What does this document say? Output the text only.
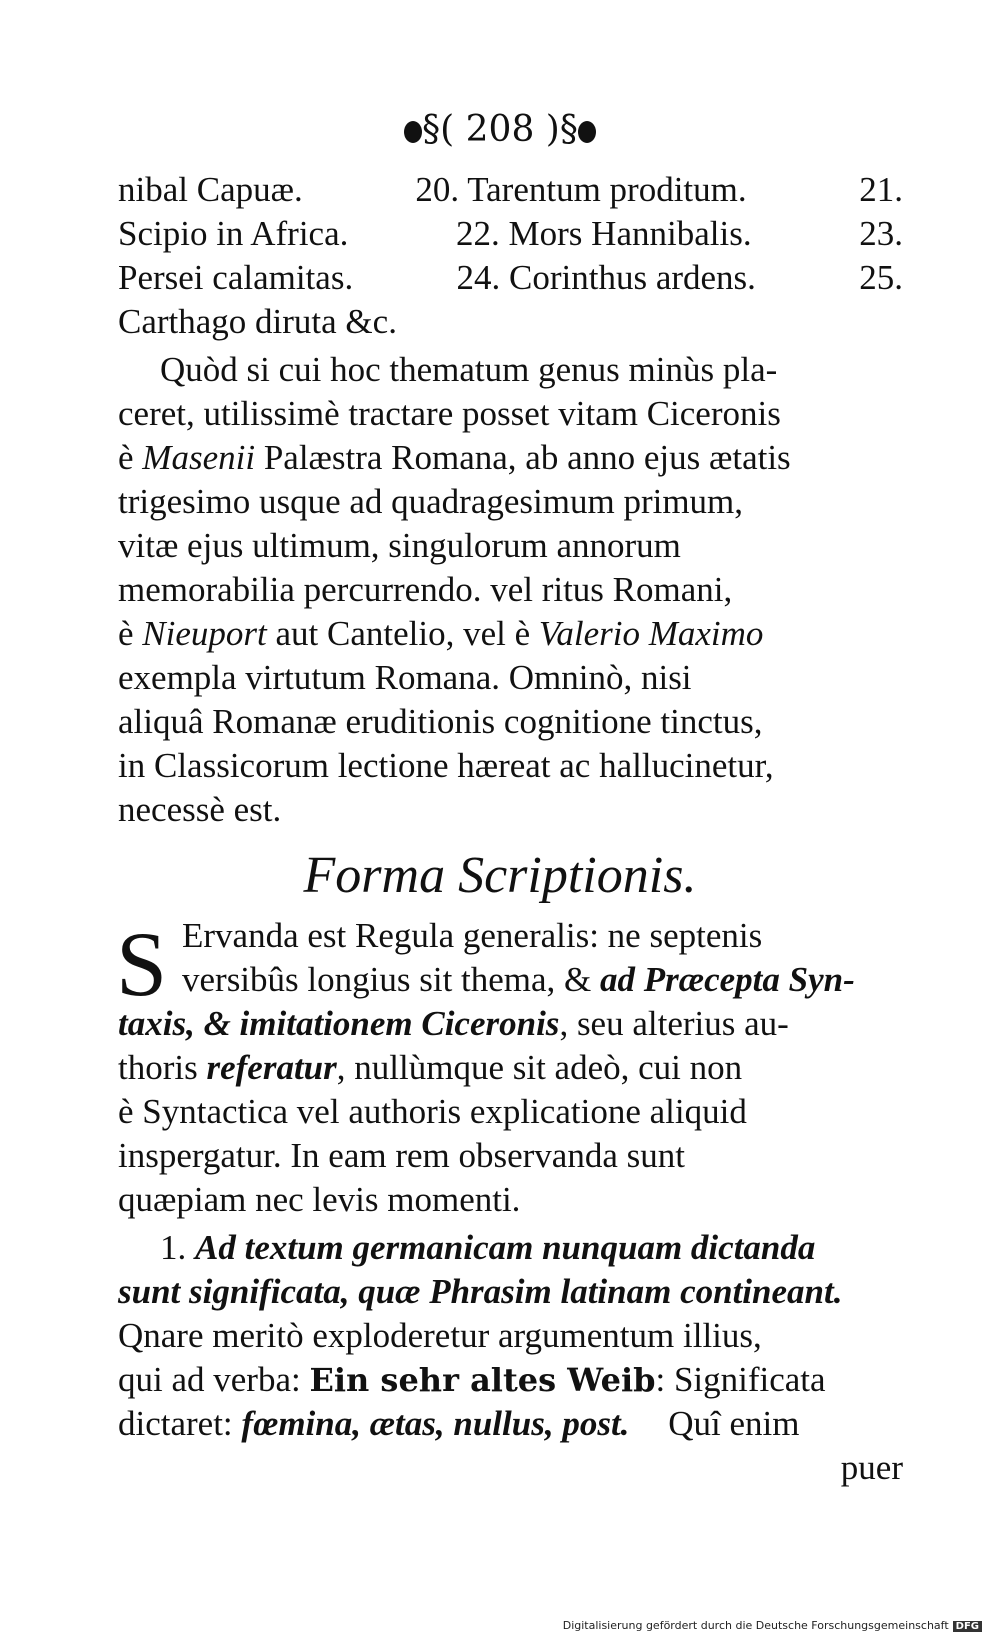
§( 208 )§
nibal Capuæ.	20. Tarentum proditum.	21.
Scipio in Africa.	22. Mors Hannibalis.	23.
Persei calamitas.	24. Corinthus ardens.	25.
Carthago diruta &c.
Quòd si cui hoc thematum genus minùs pla-
ceret, utilissimè tractare posset vitam Ciceronis
è Masenii Palæstra Romana, ab anno ejus ætatis
trigesimo usque ad quadragesimum primum,
vitæ ejus ultimum, singulorum annorum
memorabilia percurrendo. vel ritus Romani,
è Nieuport aut Cantelio, vel è Valerio Maximo
exempla virtutum Romana. Omninò, nisi
aliquâ Romanæ eruditionis cognitione tinctus,
in Classicorum lectione hæreat ac hallucinetur,
necessè est.
Forma Scriptionis.
S Ervanda est Regula generalis: ne septenis
versibûs longius sit thema, & ad Præcepta Syn-
taxis, & imitationem Ciceronis, seu alterius au-
thoris referatur, nullùmque sit adeò, cui non
è Syntactica vel authoris explicatione aliquid
inspergatur. In eam rem observanda sunt
quæpiam nec levis momenti.
1. Ad textum germanicam nunquam dictanda
sunt significata, quæ Phrasim latinam contineant.
Qnare meritò exploderetur argumentum illius,
qui ad verba: Ein sehr altes Weib: Significata
dictaret: fœmina, ætas, nullus, post. Quî enim
puer
Digitalisierung gefördert durch die Deutsche Forschungsgemeinschaft DFG
